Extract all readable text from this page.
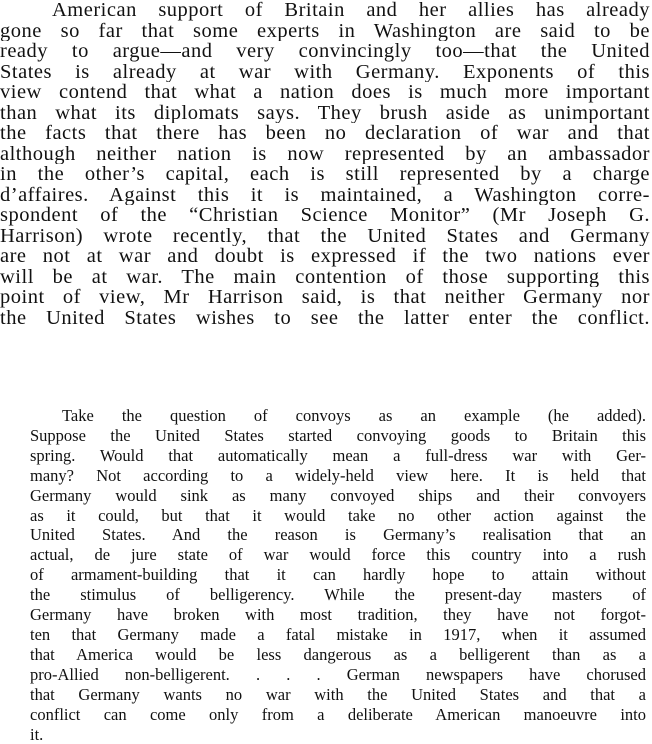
American support of Britain and her allies has already
gone so far that some experts in Washington are said to be
ready to argue—and very convincingly too—that the United
States is already at war with Germany. Exponents of this
view contend that what a nation does is much more important
than what its diplomats says. They brush aside as unimportant
the facts that there has been no declaration of war and that
although neither nation is now represented by an ambassador
in the other’s capital, each is still represented by a charge
d’affaires. Against this it is maintained, a Washington corre-
spondent of the “Christian Science Monitor” (Mr Joseph G.
Harrison) wrote recently, that the United States and Germany
are not at war and doubt is expressed if the two nations ever
will be at war. The main contention of those supporting this
point of view, Mr Harrison said, is that neither Germany nor
the United States wishes to see the latter enter the conflict.
Take the question of convoys as an example (he added).
Suppose the United States started convoying goods to Britain this
spring. Would that automatically mean a full-dress war with Ger-
many? Not according to a widely-held view here. It is held that
Germany would sink as many convoyed ships and their convoyers
as it could, but that it would take no other action against the
United States. And the reason is Germany’s realisation that an
actual, de jure state of war would force this country into a rush
of armament-building that it can hardly hope to attain without
the stimulus of belligerency. While the present-day masters of
Germany have broken with most tradition, they have not forgot-
ten that Germany made a fatal mistake in 1917, when it assumed
that America would be less dangerous as a belligerent than as a
pro-Allied non-belligerent. . . . German newspapers have chorused
that Germany wants no war with the United States and that a
conflict can come only from a deliberate American manoeuvre into
it.
